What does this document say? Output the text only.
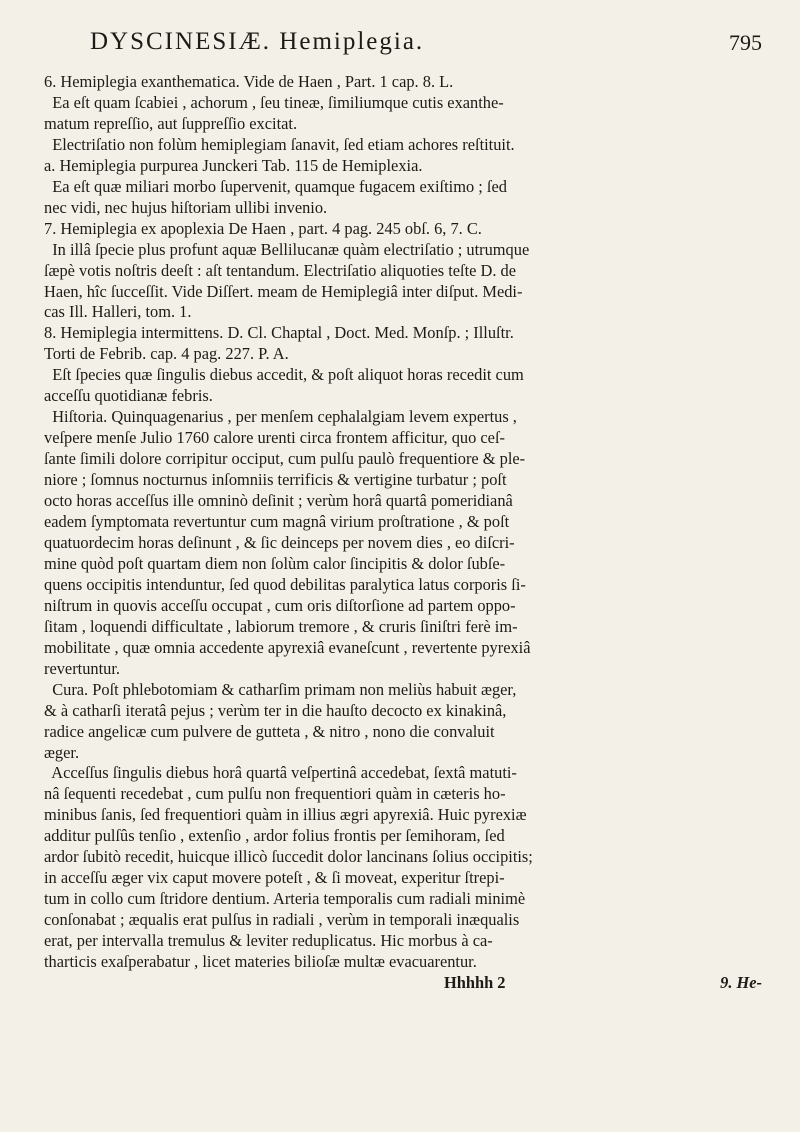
DYSCINESIÆ. Hemiplegia.	795
6. Hemiplegia exanthematica. Vide de Haen , Part. 1 cap. 8. L.
Ea eſt quam ſcabiei , achorum , ſeu tineæ, ſimiliumque cutis exanthe-
matum repreſſio, aut ſuppreſſio excitat.
Electriſatio non folùm hemiplegiam ſanavit, ſed etiam achores reſtituit.
a. Hemiplegia purpurea Junckeri Tab. 115 de Hemiplexia.
Ea eſt quæ miliari morbo ſupervenit, quamque fugacem exiſtimo ; ſed
nec vidi, nec hujus hiſtoriam ullibi invenio.
7. Hemiplegia ex apoplexia De Haen , part. 4 pag. 245 obſ. 6, 7. C.
In illâ ſpecie plus profunt aquæ Bellilucanæ quàm electriſatio ; utrumque
ſæpè votis noſtris deeſt : aſt tentandum. Electriſatio aliquoties teſte D. de
Haen, hîc ſucceſſit. Vide Diſſert. meam de Hemiplegiâ inter diſput. Medi-
cas Ill. Halleri, tom. 1.
8. Hemiplegia intermittens. D. Cl. Chaptal , Doct. Med. Monſp. ; Illuſtr.
Torti de Febrib. cap. 4 pag. 227. P. A.
Eſt ſpecies quæ ſingulis diebus accedit, & poſt aliquot horas recedit cum
acceſſu quotidianæ febris.
Hiſtoria. Quinquagenarius , per menſem cephalalgiam levem expertus ,
veſpere menſe Julio 1760 calore urenti circa frontem afficitur, quo ceſ-
ſante ſimili dolore corripitur occiput, cum pulſu paulò frequentiore & ple-
niore ; ſomnus nocturnus inſomniis terrificis & vertigine turbatur ; poſt
octo horas acceſſus ille omninò deſinit ; verùm horâ quartâ pomeridianâ
eadem ſymptomata revertuntur cum magnâ virium proſtratione , & poſt
quatuordecim horas deſinunt , & ſic deinceps per novem dies , eo diſcri-
mine quòd poſt quartam diem non ſolùm calor ſincipitis & dolor ſubſe-
quens occipitis intenduntur, ſed quod debilitas paralytica latus corporis ſi-
niſtrum in quovis acceſſu occupat , cum oris diſtorſione ad partem oppo-
ſitam , loquendi difficultate , labiorum tremore , & cruris ſiniſtri ferè im-
mobilitate , quæ omnia accedente apyrexiâ evaneſcunt , revertente pyrexiâ
revertuntur.
Cura. Poſt phlebotomiam & catharſim primam non meliùs habuit æger,
& à catharſi iteratâ pejus ; verùm ter in die hauſto decocto ex kinakinâ,
radice angelicæ cum pulvere de gutteta , & nitro , nono die convaluit
æger.
Acceſſus ſingulis diebus horâ quartâ veſpertinâ accedebat, ſextâ matuti-
nâ ſequenti recedebat , cum pulſu non frequentiori quàm in cæteris ho-
minibus ſanis, ſed frequentiori quàm in illius ægri apyrexiâ. Huic pyrexiæ
additur pulſûs tenſio , extenſio , ardor folius frontis per ſemihoram, ſed
ardor ſubitò recedit, huicque illicò ſuccedit dolor lancinans ſolius occipitis;
in acceſſu æger vix caput movere poteſt , & ſi moveat, experitur ſtrepi-
tum in collo cum ſtridore dentium. Arteria temporalis cum radiali minimè
conſonabat ; æqualis erat pulſus in radiali , verùm in temporali inæqualis
erat, per intervalla tremulus & leviter reduplicatus. Hic morbus à ca-
tharticis exaſperabatur , licet materies bilioſæ multæ evacuarentur.
Hhhhh 2	9. He-
